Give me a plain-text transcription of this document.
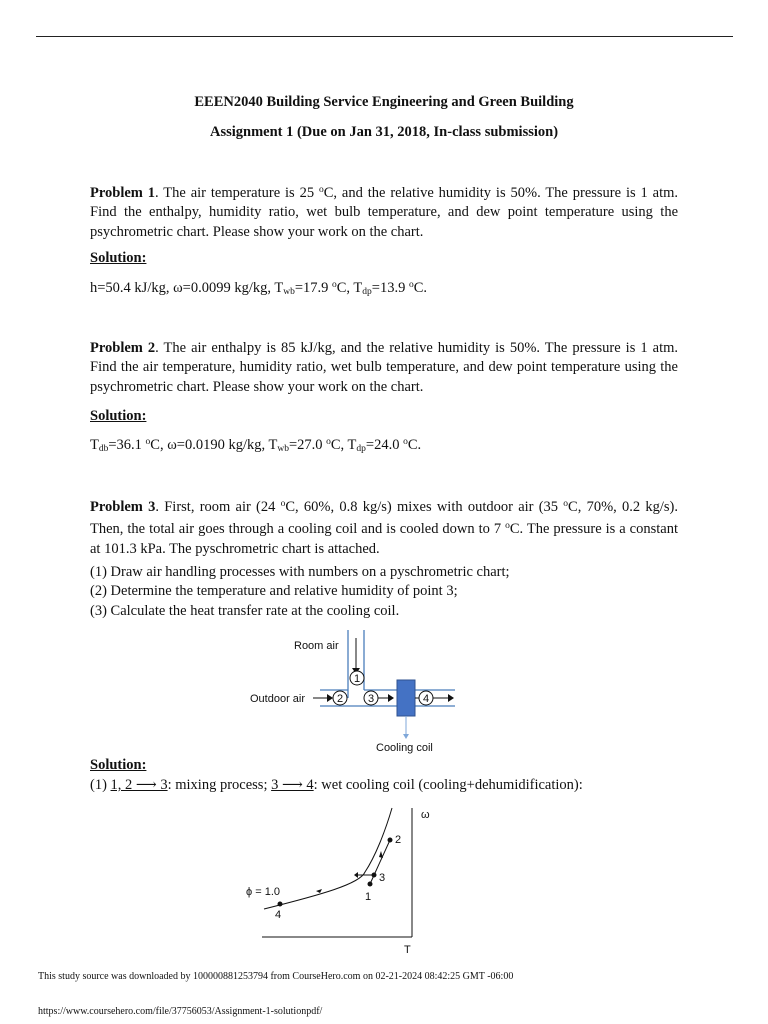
EEEN2040 Building Service Engineering and Green Building
Assignment 1 (Due on Jan 31, 2018, In-class submission)
Problem 1. The air temperature is 25 $^o$C, and the relative humidity is 50%. The pressure is 1 atm. Find the enthalpy, humidity ratio, wet bulb temperature, and dew point temperature using the psychrometric chart. Please show your work on the chart.
Solution:
h=50.4 kJ/kg, ω=0.0099 kg/kg, $T_{wb}=17.9$ $^o$C, $T_{dp}=13.9$ $^o$C.
Problem 2. The air enthalpy is 85 kJ/kg, and the relative humidity is 50%. The pressure is 1 atm. Find the air temperature, humidity ratio, wet bulb temperature, and dew point temperature using the psychrometric chart. Please show your work on the chart.
Solution:
$T_{db}=36.1$ $^o$C, ω=0.0190 kg/kg, $T_{wb}=27.0$ $^o$C, $T_{dp}=24.0$ $^o$C.
Problem 3. First, room air (24 $^o$C, 60%, 0.8 kg/s) mixes with outdoor air (35 $^o$C, 70%, 0.2 kg/s). Then, the total air goes through a cooling coil and is cooled down to 7 $^o$C. The pressure is a constant at 101.3 kPa. The pyschrometric chart is attached.
(1) Draw air handling processes with numbers on a pyschrometric chart;
(2) Determine the temperature and relative humidity of point 3;
(3) Calculate the heat transfer rate at the cooling coil.
Room air
1
Outdoor air	2 3	4
Cooling coil
Solution:
(1) 1, 2 ⟶ 3: mixing process; 3 ⟶ 4: wet cooling coil (cooling+dehumidification):
ω
T
ϕ = 1.0
2
3
1
4
This study source was downloaded by 100000881253794 from CourseHero.com on 02-21-2024 08:42:25 GMT -06:00
https://www.coursehero.com/file/37756053/Assignment-1-solutionpdf/
